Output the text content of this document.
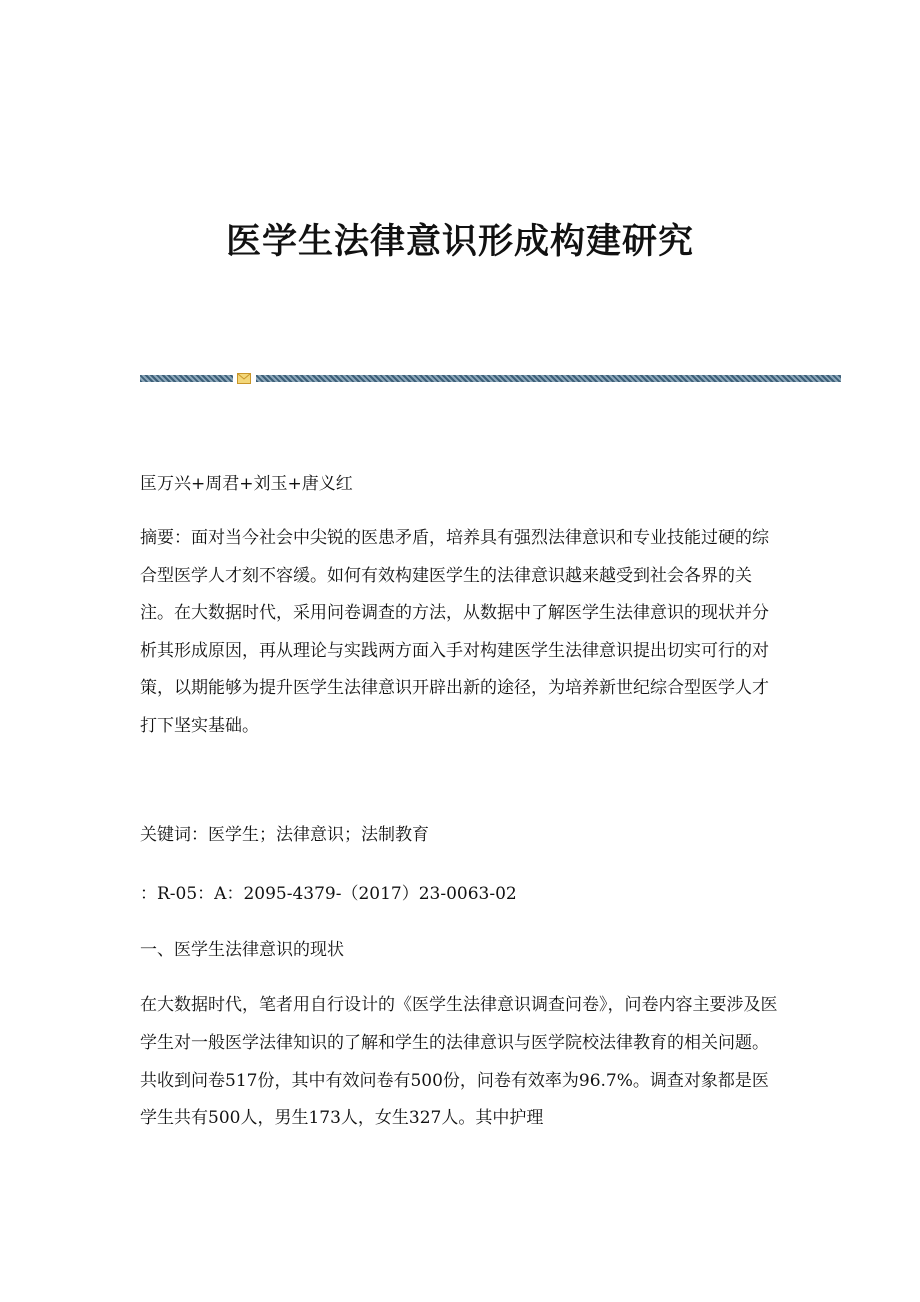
医学生法律意识形成构建研究

匡万兴+周君+刘玉+唐义红

摘要：面对当今社会中尖锐的医患矛盾，培养具有强烈法律意识和专业技能过硬的综合型医学人才刻不容缓。如何有效构建医学生的法律意识越来越受到社会各界的关注。在大数据时代，采用问卷调查的方法，从数据中了解医学生法律意识的现状并分析其形成原因，再从理论与实践两方面入手对构建医学生法律意识提出切实可行的对策，以期能够为提升医学生法律意识开辟出新的途径，为培养新世纪综合型医学人才打下坚实基础。

关键词：医学生；法律意识；法制教育

：R-05：A：2095-4379-（2017）23-0063-02

一、医学生法律意识的现状

在大数据时代，笔者用自行设计的《医学生法律意识调查问卷》，问卷内容主要涉及医学生对一般医学法律知识的了解和学生的法律意识与医学院校法律教育的相关问题。共收到问卷517份，其中有效问卷有500份，问卷有效率为96.7%。调查对象都是医学生共有500人，男生173人，女生327人。其中护理
